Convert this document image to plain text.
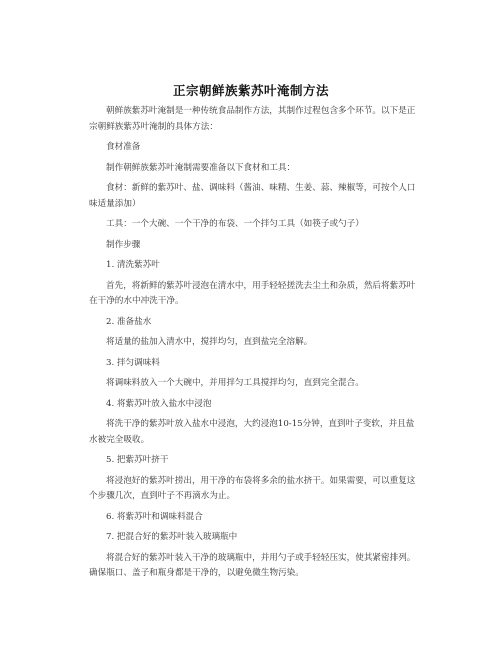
正宗朝鲜族紫苏叶淹制方法

朝鲜族紫苏叶淹制是一种传统食品制作方法，其制作过程包含多个环节。以下是正宗朝鲜族紫苏叶淹制的具体方法：

食材准备

制作朝鲜族紫苏叶淹制需要准备以下食材和工具：

食材：新鲜的紫苏叶、盐、调味料（酱油、味精、生姜、蒜、辣椒等，可按个人口味适量添加）

工具：一个大碗、一个干净的布袋、一个拌匀工具（如筷子或勺子）

制作步骤

1. 清洗紫苏叶

首先，将新鲜的紫苏叶浸泡在清水中，用手轻轻搓洗去尘土和杂质，然后将紫苏叶在干净的水中冲洗干净。

2. 准备盐水

将适量的盐加入清水中，搅拌均匀，直到盐完全溶解。

3. 拌匀调味料

将调味料放入一个大碗中，并用拌匀工具搅拌均匀，直到完全混合。

4. 将紫苏叶放入盐水中浸泡

将洗干净的紫苏叶放入盐水中浸泡，大约浸泡10-15分钟，直到叶子变软，并且盐水被完全吸收。

5. 把紫苏叶挤干

将浸泡好的紫苏叶捞出，用干净的布袋将多余的盐水挤干。如果需要，可以重复这个步骤几次，直到叶子不再滴水为止。

6. 将紫苏叶和调味料混合

7. 把混合好的紫苏叶装入玻璃瓶中

将混合好的紫苏叶装入干净的玻璃瓶中，并用勺子或手轻轻压实，使其紧密排列。确保瓶口、盖子和瓶身都是干净的，以避免微生物污染。
